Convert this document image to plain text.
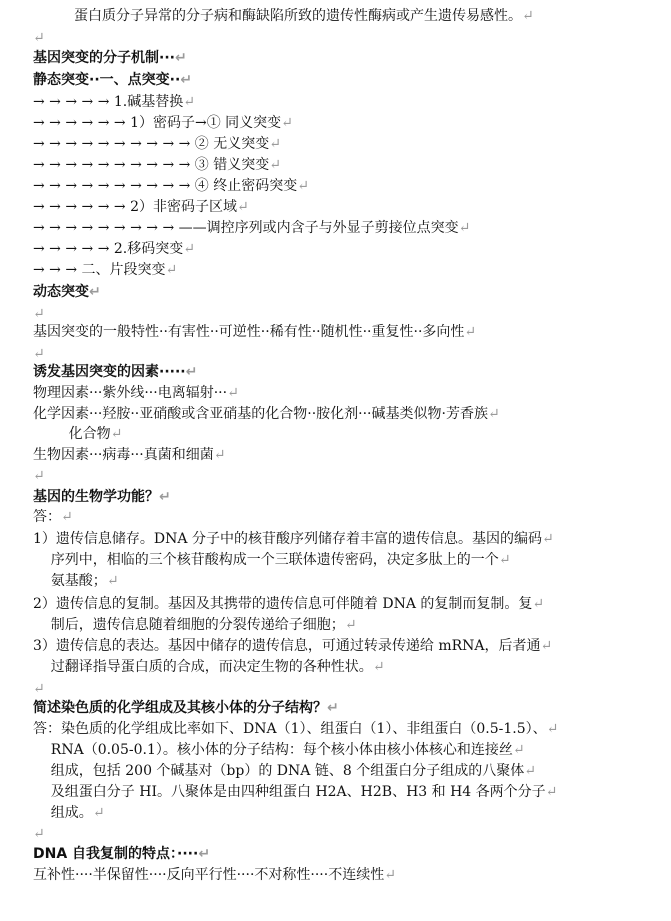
蛋白质分子异常的分子病和酶缺陷所致的遗传性酶病或产生遗传易感性。↵
↵
基因突变的分子机制···↵
静态突变··一、点突变··↵
→ → → → → 1.碱基替换↵
→ → → → → → 1）密码子→① 同义突变↵
→ → → → → → → → → → ② 无义突变↵
→ → → → → → → → → → ③ 错义突变↵
→ → → → → → → → → → ④ 终止密码突变↵
→ → → → → → 2）非密码子区域↵
→ → → → → → → → → ——调控序列或内含子与外显子剪接位点突变↵
→ → → → → 2.移码突变↵
→ → → 二、片段突变↵
动态突变↵
↵
基因突变的一般特性··有害性··可逆性··稀有性··随机性··重复性··多向性↵
↵
诱发基因突变的因素·····↵
物理因素···紫外线···电离辐射···↵
化学因素···羟胺··亚硝酸或含亚硝基的化合物··胺化剂···碱基类似物·芳香族↵
化合物↵
生物因素···病毒···真菌和细菌↵
↵
基因的生物学功能？↵
答：↵
1）遗传信息储存。DNA 分子中的核苷酸序列储存着丰富的遗传信息。基因的编码↵
序列中，相临的三个核苷酸构成一个三联体遗传密码，决定多肽上的一个↵
氨基酸；↵
2）遗传信息的复制。基因及其携带的遗传信息可伴随着 DNA 的复制而复制。复↵
制后，遗传信息随着细胞的分裂传递给子细胞；↵
3）遗传信息的表达。基因中储存的遗传信息，可通过转录传递给 mRNA，后者通↵
过翻译指导蛋白质的合成，而决定生物的各种性状。↵
↵
简述染色质的化学组成及其核小体的分子结构？↵
答：染色质的化学组成比率如下、DNA（1）、组蛋白（1）、非组蛋白（0.5-1.5）、↵
RNA（0.05-0.1）。核小体的分子结构：每个核小体由核小体核心和连接丝↵
组成，包括 200 个碱基对（bp）的 DNA 链、8 个组蛋白分子组成的八聚体↵
及组蛋白分子 HI。八聚体是由四种组蛋白 H2A、H2B、H3 和 H4 各两个分子↵
组成。↵
↵
DNA 自我复制的特点：····↵
互补性····半保留性····反向平行性····不对称性····不连续性↵
